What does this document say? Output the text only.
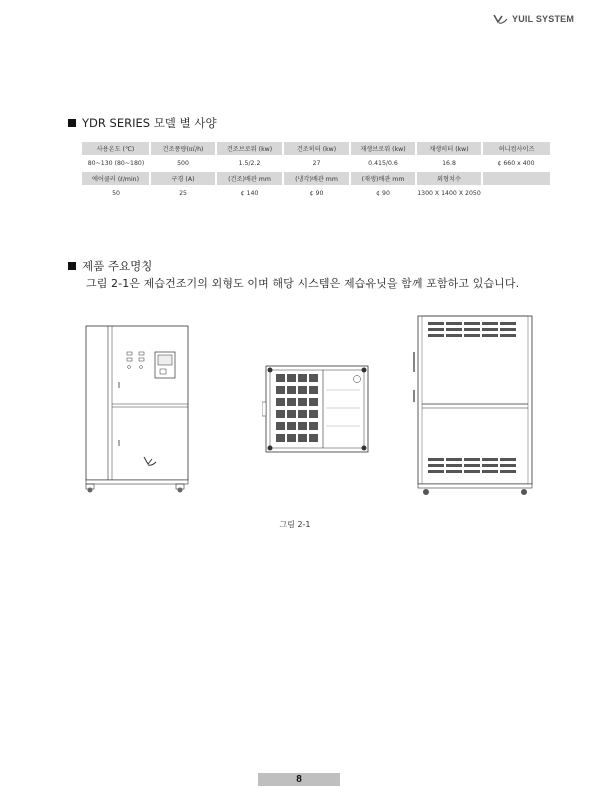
YUIL SYSTEM
YDR SERIES 모델 별 사양
사용온도 (℃)	건조풍량(㎥/h)	건조브로워 (kw)	건조히터 (kw)	재생브로워 (kw)	재생히터 (kw)	허니컴사이즈

80~130 (80~180)	500	1.5/2.2	27	0.415/0.6	16.8	¢ 660 x 400

에어쿨러 (ℓ/min)	구경 (A)	(건조)배관 mm	(냉각)배관 mm	(재생)배관 mm	외형치수	

50	25	¢ 140	¢ 90	¢ 90	1300 X 1400 X 2050	
제품 주요명칭
그림 2-1은 제습건조기의 외형도 이며 해당 시스템은 제습유닛을 함께 포함하고 있습니다.
그림 2-1
8
